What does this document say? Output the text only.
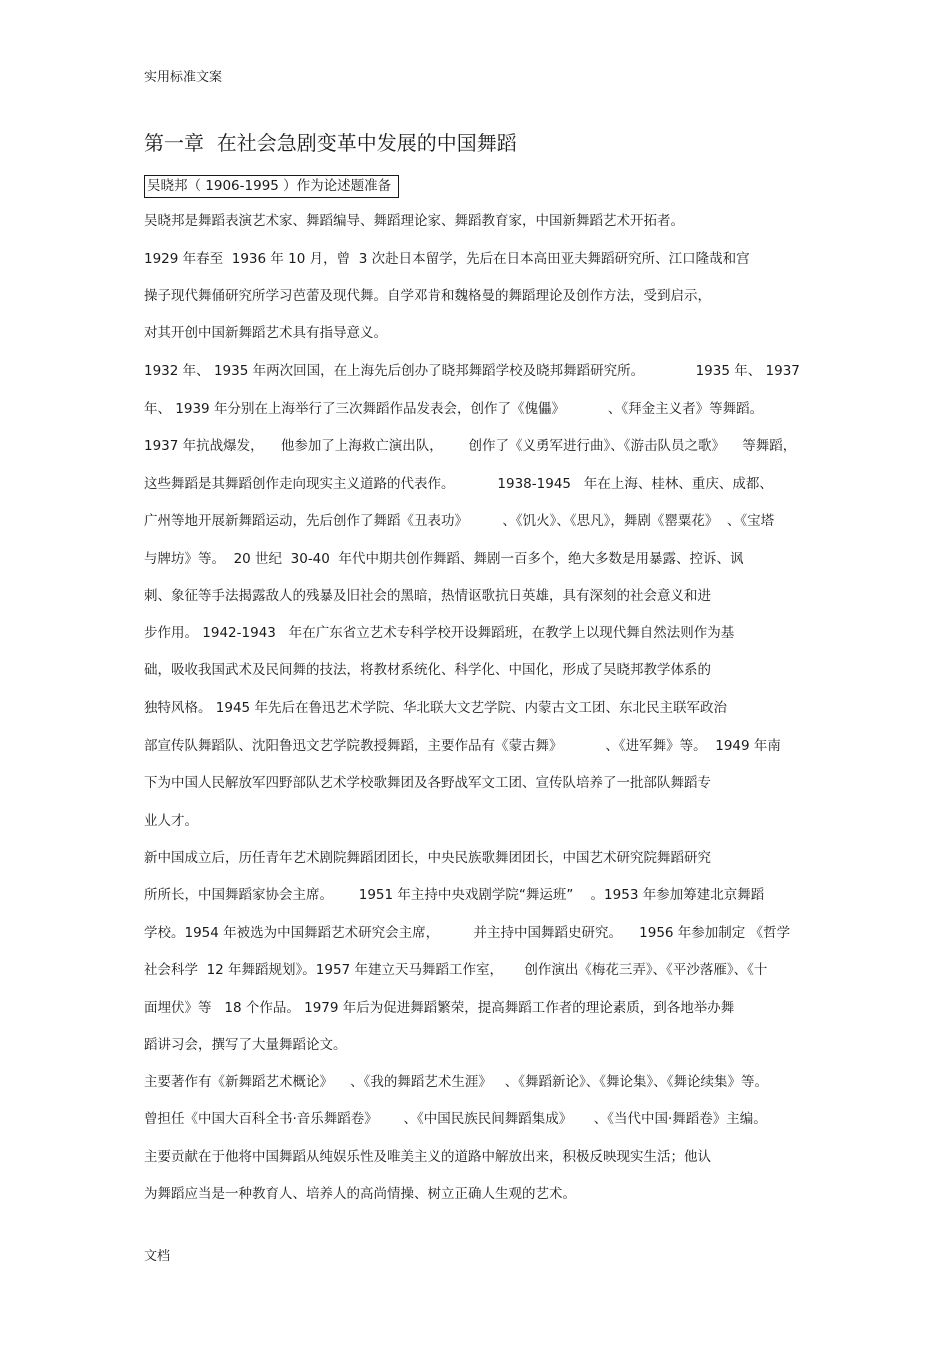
实用标准文案
第一章  在社会急剧变革中发展的中国舞蹈
吴晓邦（ 1906-1995 ）作为论述题准备
吴晓邦是舞蹈表演艺术家、舞蹈编导、舞蹈理论家、舞蹈教育家，中国新舞蹈艺术开拓者。
1929 年春至  1936 年 10 月，曾  3 次赴日本留学，先后在日本高田亚夫舞蹈研究所、江口隆哉和宫
操子现代舞俑研究所学习芭蕾及现代舞。自学邓肯和魏格曼的舞蹈理论及创作方法，受到启示，
对其开创中国新舞蹈艺术具有指导意义。
1932 年、 1935 年两次回国，在上海先后创办了晓邦舞蹈学校及晓邦舞蹈研究所。            1935 年、 1937
年、 1939 年分别在上海举行了三次舞蹈作品发表会，创作了《傀儡》          、《拜金主义者》等舞蹈。
1937 年抗战爆发，    他参加了上海救亡演出队，      创作了《义勇军进行曲》、《游击队员之歌》    等舞蹈，
这些舞蹈是其舞蹈创作走向现实主义道路的代表作。          1938-1945   年在上海、桂林、重庆、成都、
广州等地开展新舞蹈运动，先后创作了舞蹈《丑表功》        、《饥火》、《思凡》，舞剧《罂粟花》  、《宝塔
与牌坊》等。  20 世纪  30-40  年代中期共创作舞蹈、舞剧一百多个，绝大多数是用暴露、控诉、讽
刺、象征等手法揭露敌人的残暴及旧社会的黑暗，热情讴歌抗日英雄，具有深刻的社会意义和进
步作用。 1942-1943   年在广东省立艺术专科学校开设舞蹈班，在教学上以现代舞自然法则作为基
础，吸收我国武术及民间舞的技法，将教材系统化、科学化、中国化，形成了吴晓邦教学体系的
独特风格。 1945 年先后在鲁迅艺术学院、华北联大文艺学院、内蒙古文工团、东北民主联军政治
部宣传队舞蹈队、沈阳鲁迅文艺学院教授舞蹈，主要作品有《蒙古舞》          、《进军舞》等。  1949 年南
下为中国人民解放军四野部队艺术学校歌舞团及各野战军文工团、宣传队培养了一批部队舞蹈专
业人才。
新中国成立后，历任青年艺术剧院舞蹈团团长，中央民族歌舞团团长，中国艺术研究院舞蹈研究
所所长，中国舞蹈家协会主席。      1951 年主持中央戏剧学院“舞运班”    。1953 年参加筹建北京舞蹈
学校。1954 年被选为中国舞蹈艺术研究会主席，        并主持中国舞蹈史研究。    1956 年参加制定 《哲学
社会科学  12 年舞蹈规划》。1957 年建立天马舞蹈工作室，     创作演出《梅花三弄》、《平沙落雁》、《十
面埋伏》等   18 个作品。 1979 年后为促进舞蹈繁荣，提高舞蹈工作者的理论素质，到各地举办舞
蹈讲习会，撰写了大量舞蹈论文。
主要著作有《新舞蹈艺术概论》    、《我的舞蹈艺术生涯》   、《舞蹈新论》、《舞论集》、《舞论续集》等。
曾担任《中国大百科全书·音乐舞蹈卷》      、《中国民族民间舞蹈集成》     、《当代中国·舞蹈卷》主编。
主要贡献在于他将中国舞蹈从纯娱乐性及唯美主义的道路中解放出来，积极反映现实生活；他认
为舞蹈应当是一种教育人、培养人的高尚情操、树立正确人生观的艺术。
文档
